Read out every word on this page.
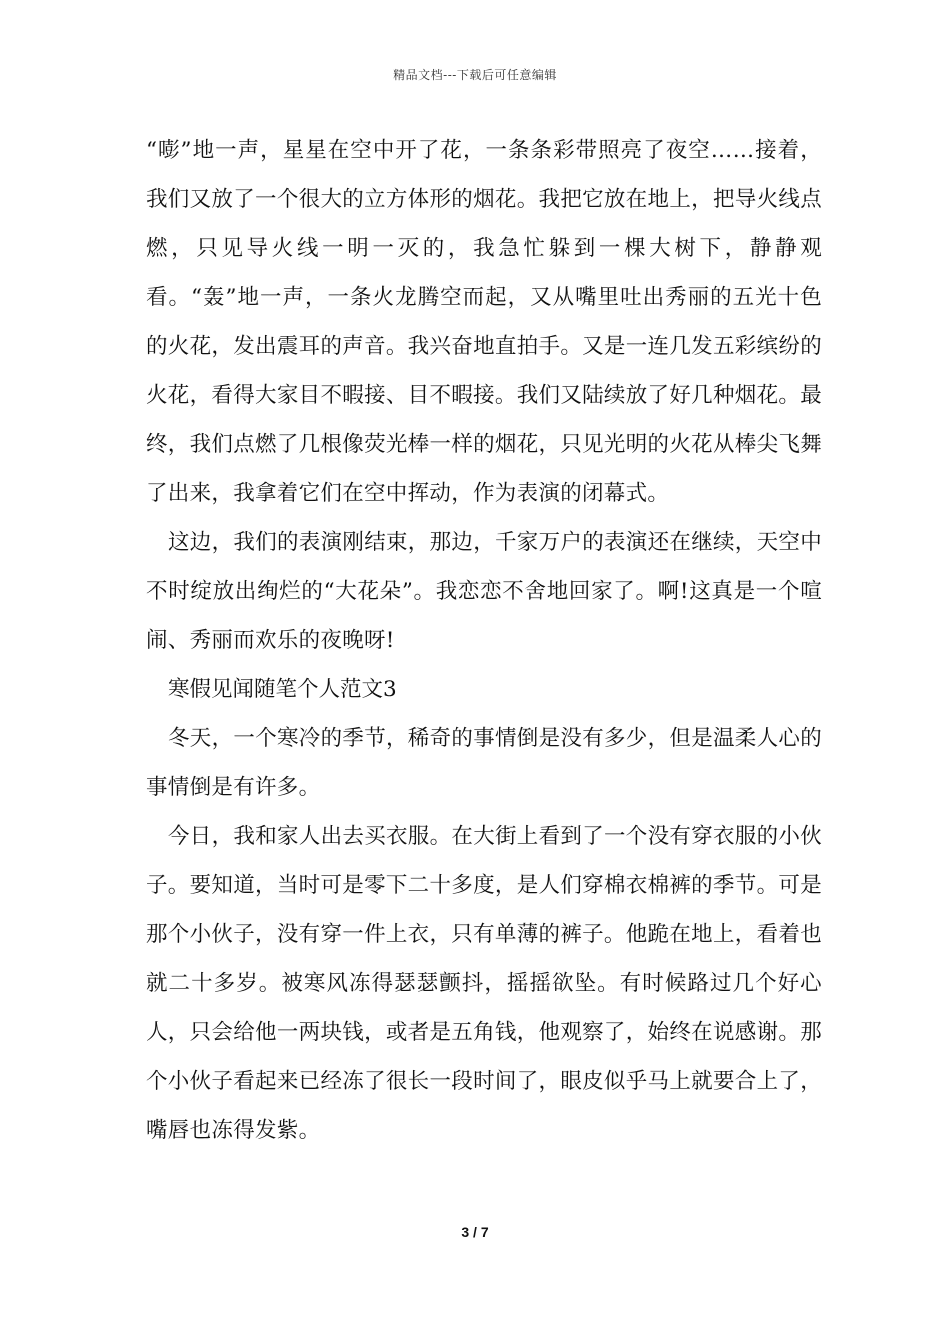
精品文档---下载后可任意编辑

“嘭”地一声，星星在空中开了花，一条条彩带照亮了夜空……接着，我们又放了一个很大的立方体形的烟花。我把它放在地上，把导火线点燃，只见导火线一明一灭的，我急忙躲到一棵大树下，静静观看。“轰”地一声，一条火龙腾空而起，又从嘴里吐出秀丽的五光十色的火花，发出震耳的声音。我兴奋地直拍手。又是一连几发五彩缤纷的火花，看得大家目不暇接、目不暇接。我们又陆续放了好几种烟花。最终，我们点燃了几根像荧光棒一样的烟花，只见光明的火花从棒尖飞舞了出来，我拿着它们在空中挥动，作为表演的闭幕式。

这边，我们的表演刚结束，那边，千家万户的表演还在继续，天空中不时绽放出绚烂的“大花朵”。我恋恋不舍地回家了。啊!这真是一个喧闹、秀丽而欢乐的夜晚呀!

寒假见闻随笔个人范文3

冬天，一个寒冷的季节，稀奇的事情倒是没有多少，但是温柔人心的事情倒是有许多。

今日，我和家人出去买衣服。在大街上看到了一个没有穿衣服的小伙子。要知道，当时可是零下二十多度，是人们穿棉衣棉裤的季节。可是那个小伙子，没有穿一件上衣，只有单薄的裤子。他跪在地上，看着也就二十多岁。被寒风冻得瑟瑟颤抖，摇摇欲坠。有时候路过几个好心人，只会给他一两块钱，或者是五角钱，他观察了，始终在说感谢。那个小伙子看起来已经冻了很长一段时间了，眼皮似乎马上就要合上了，嘴唇也冻得发紫。

3 / 7
